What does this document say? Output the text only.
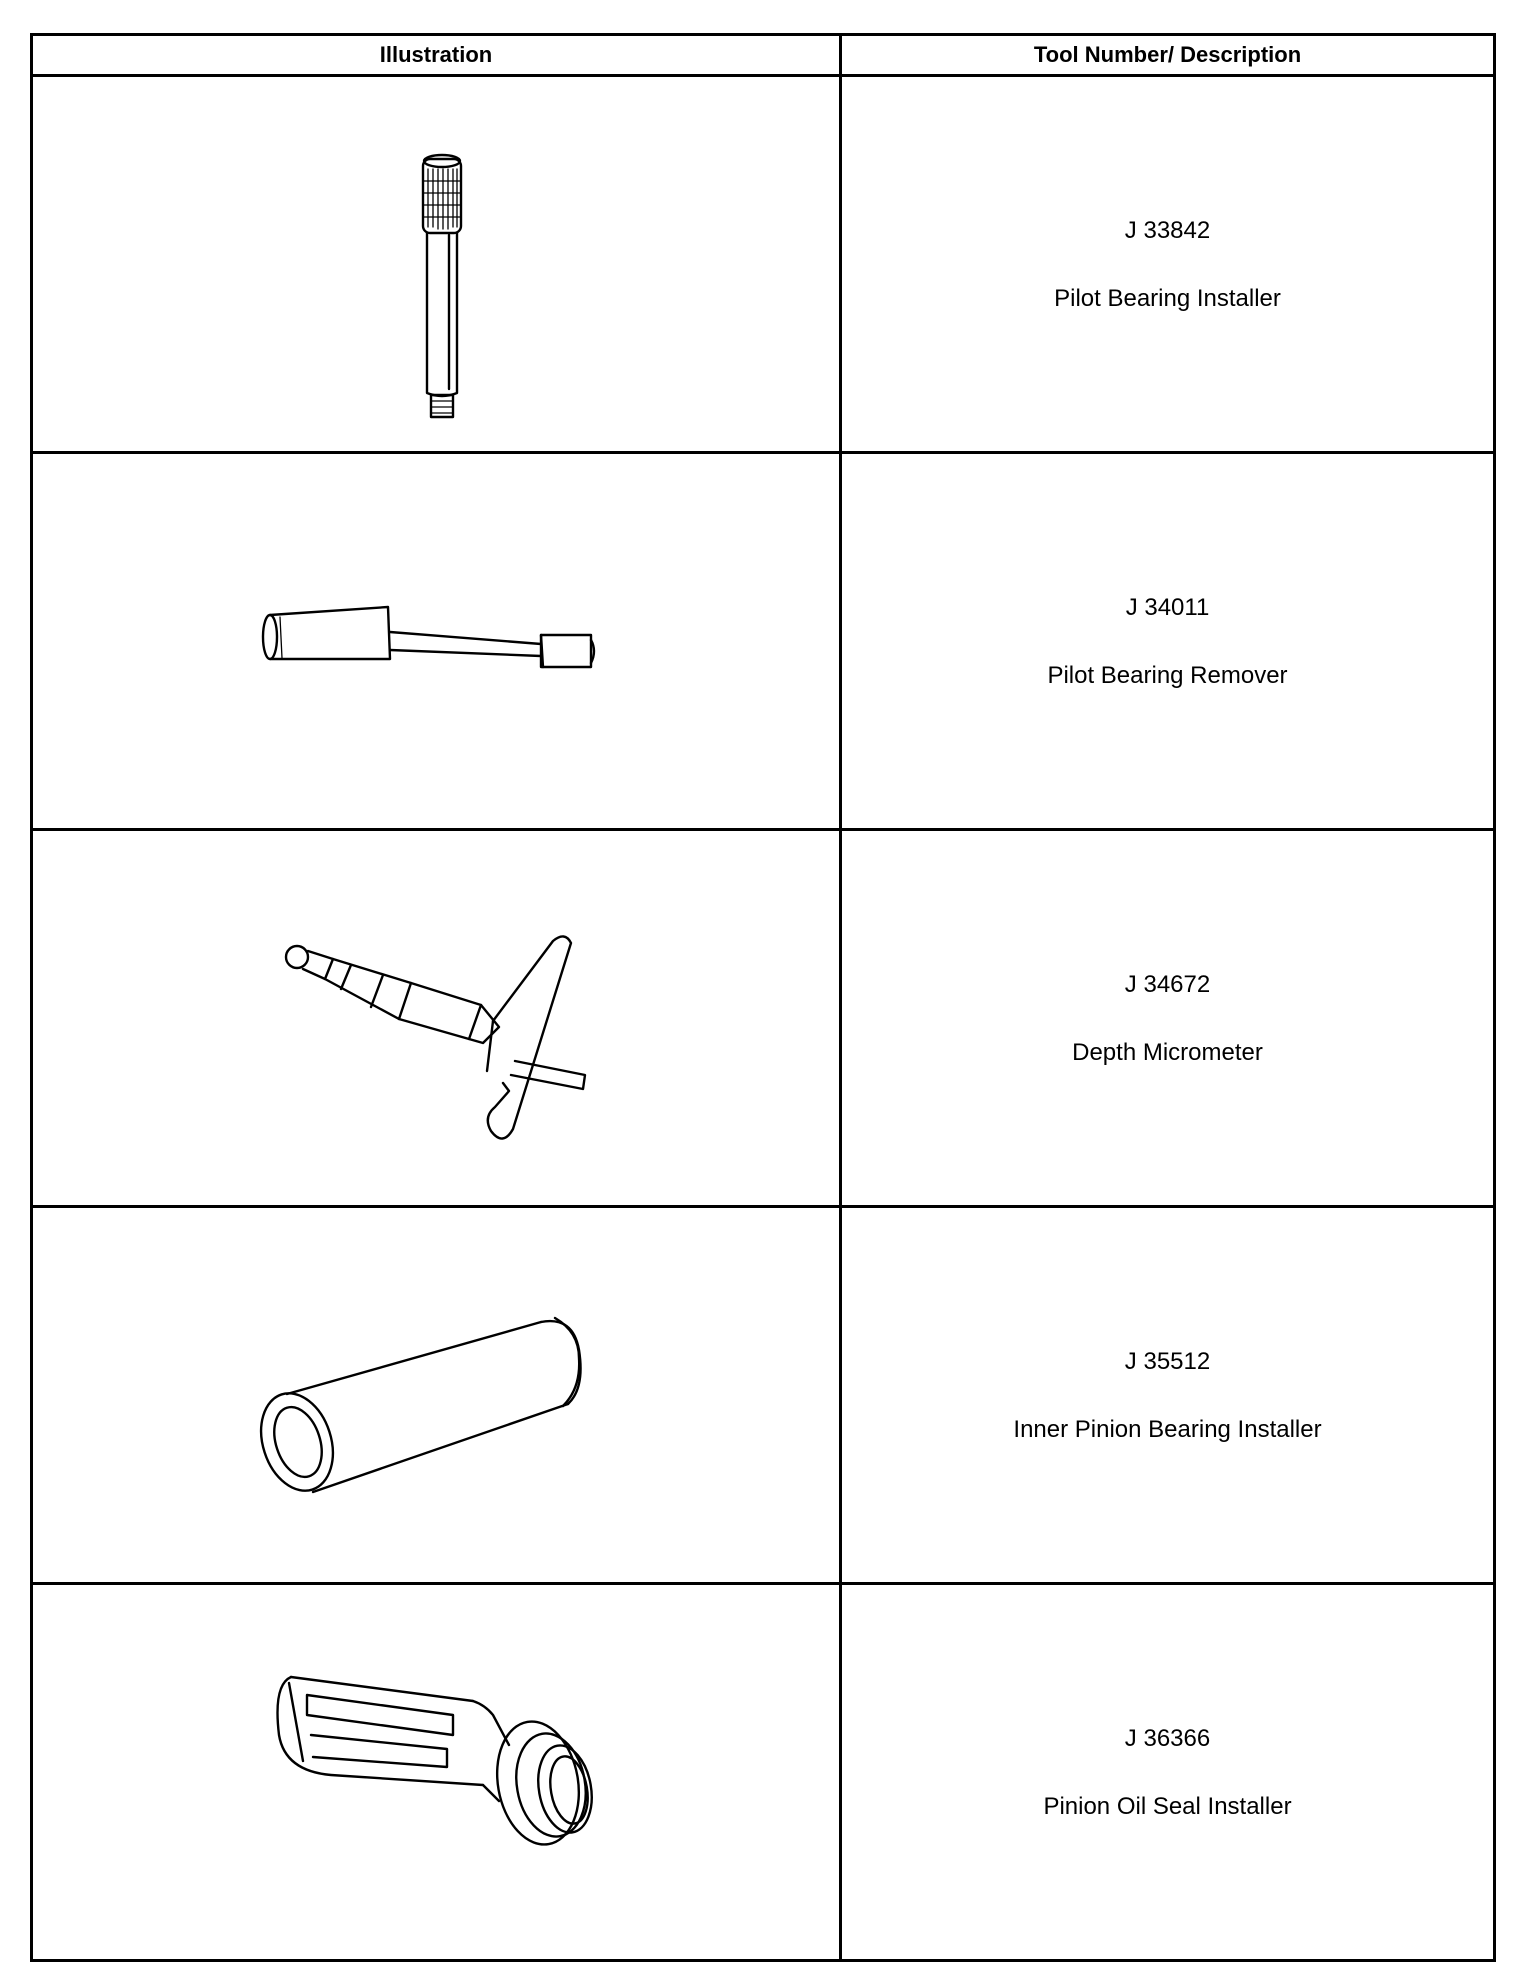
Illustration	Tool Number/ Description
J 33842
Pilot Bearing Installer
J 34011
Pilot Bearing Remover
J 34672
Depth Micrometer
J 35512
Inner Pinion Bearing Installer
J 36366
Pinion Oil Seal Installer
